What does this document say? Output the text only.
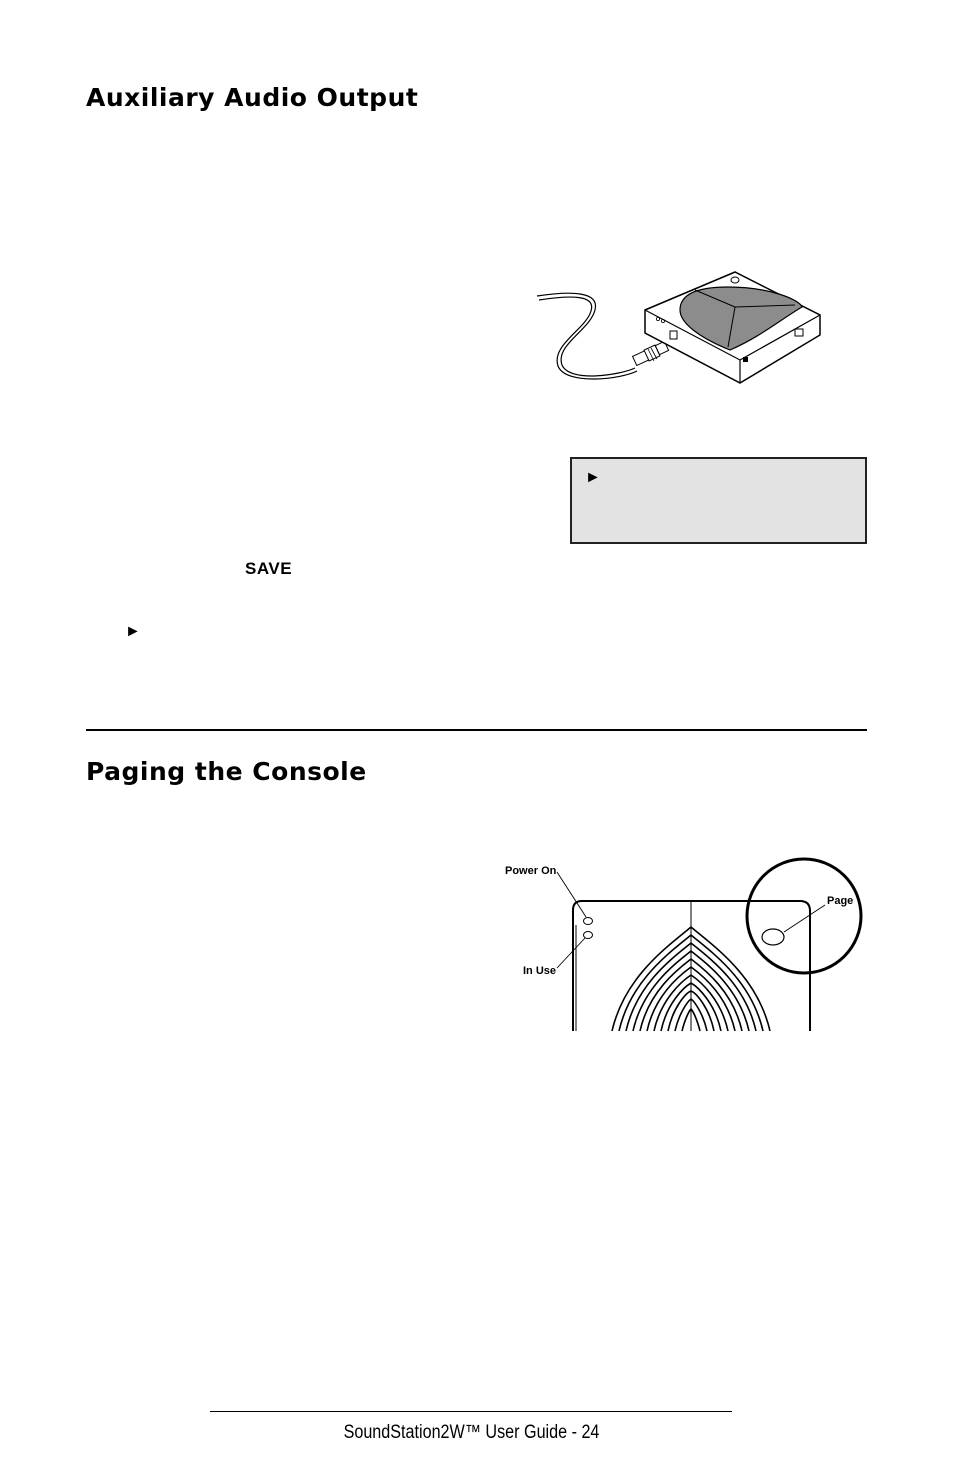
Auxiliary Audio Output
►
SAVE
►
Paging the Console
Power On
In Use
Page
SoundStation2W™ User Guide - 24
